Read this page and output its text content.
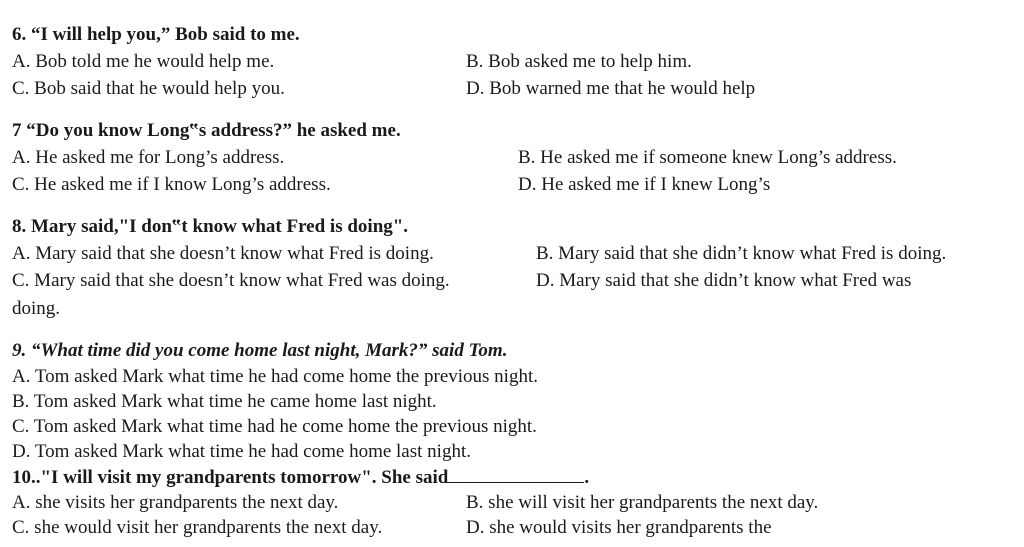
6. “I will help you,” Bob said to me.
A. Bob told me he would help me.	B. Bob asked me to help him.
C. Bob said that he would help you.	D. Bob warned me that he would help
7 “Do you know Long‟s address?” he asked me.
A. He asked me for Long’s address.	B. He asked me if someone knew Long’s address.
C. He asked me if I know Long’s address.	D. He asked me if I knew Long’s
8. Mary said,"I don‟t know what Fred is doing".
A. Mary said that she doesn’t know what Fred is doing.	B. Mary said that she didn’t know what Fred is doing.
C. Mary said that she doesn’t know what Fred was doing.	D. Mary said that she didn’t know what Fred was
doing.
9. “What time did you come home last night, Mark?” said Tom.
A. Tom asked Mark what time he had come home the previous night.
B. Tom asked Mark what time he came home last night.
C. Tom asked Mark what time had he come home the previous night.
D. Tom asked Mark what time he had come home last night.
10.."I will visit my grandparents tomorrow". She said	.
A. she visits her grandparents the next day.	B. she will visit her grandparents the next day.
C. she would visit her grandparents the next day.	D. she would visits her grandparents the
